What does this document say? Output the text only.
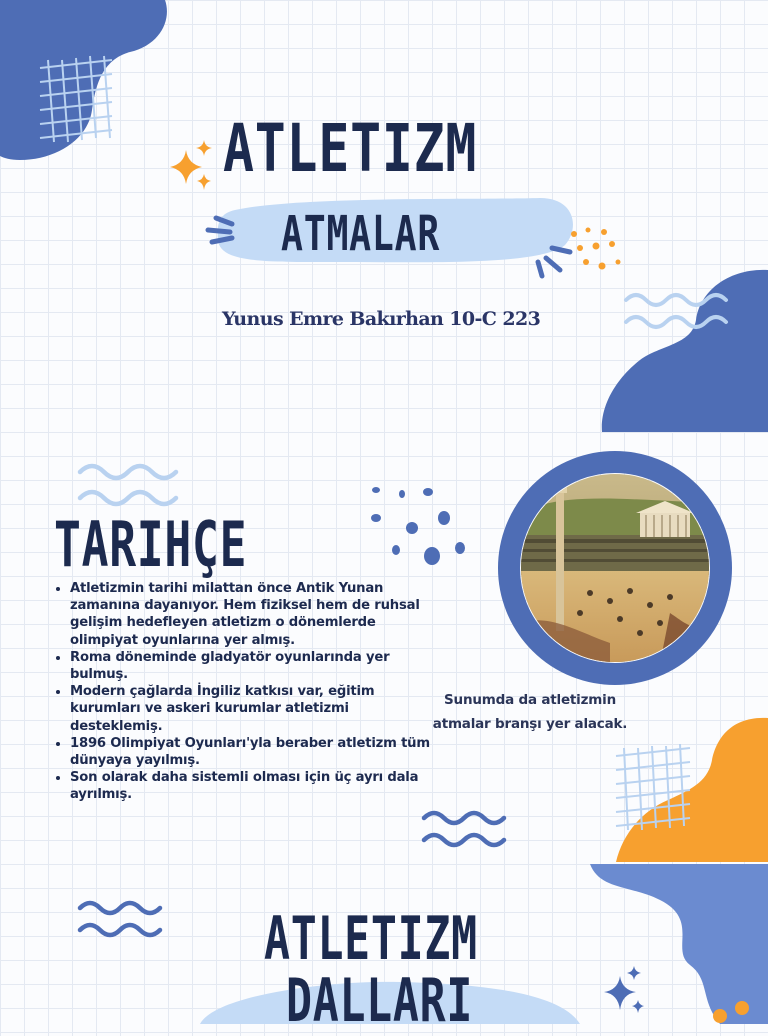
ATLETIZM
ATMALAR
Yunus Emre Bakırhan 10-C 223
TARIHÇE
• Atletizmin tarihi milattan önce Antik Yunan zamanına dayanıyor. Hem fiziksel hem de ruhsal gelişim hedefleyen atletizm o dönemlerde olimpiyat oyunlarına yer almış.
• Roma döneminde gladyatör oyunlarında yer bulmuş.
• Modern çağlarda İngiliz katkısı var, eğitim kurumları ve askeri kurumlar atletizmi desteklemiş.
• 1896 Olimpiyat Oyunları'yla beraber atletizm tüm dünyaya yayılmış.
• Son olarak daha sistemli olması için üç ayrı dala ayrılmış.
Sunumda da atletizmin
atmalar branşı yer alacak.
ATLETIZM
DALLARI
